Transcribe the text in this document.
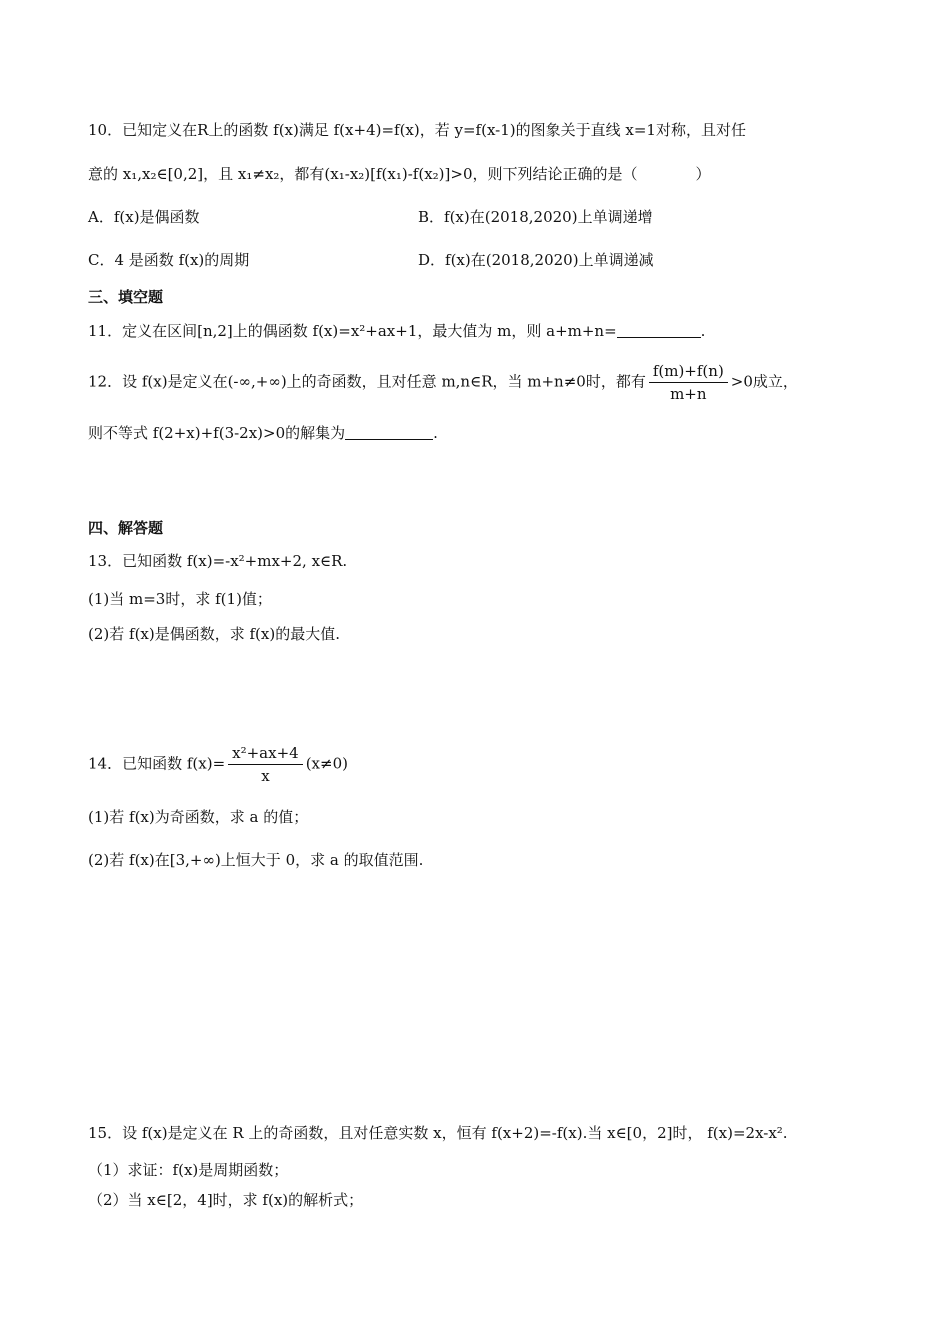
10．已知定义在R上的函数 f(x)满足 f(x+4)=f(x)，若 y=f(x-1)的图象关于直线 x=1对称，且对任
意的 x₁,x₂∈[0,2]，且 x₁≠x₂，都有(x₁-x₂)[f(x₁)-f(x₂)]>0，则下列结论正确的是（	）
A．f(x)是偶函数	B．f(x)在(2018,2020)上单调递增
C．4 是函数 f(x)的周期	D．f(x)在(2018,2020)上单调递减
三、填空题
11．定义在区间[n,2]上的偶函数 f(x)=x²+ax+1，最大值为 m，则 a+m+n=	.
12．设 f(x)是定义在(-∞,+∞)上的奇函数，且对任意 m,n∈R，当 m+n≠0时，都有 $\frac{f(m)+f(n)}{m+n} >0$成立，
则不等式 f(2+x)+f(3-2x)>0的解集为	.
四、解答题
13．已知函数 f(x)=-x²+mx+2, x∈R.
(1)当 m=3时，求 f(1)值；
(2)若 f(x)是偶函数，求 f(x)的最大值.
14．已知函数 $f(x)= \frac{\text{x²+ax+4}}{x} (x\ne 0)$
(1)若 f(x)为奇函数，求 a 的值；
(2)若 f(x)在[3,+∞)上恒大于 0，求 a 的取值范围.
15．设 f(x)是定义在 R 上的奇函数，且对任意实数 x，恒有 f(x+2)=-f(x).当 x∈[0，2]时， f(x)=2x-x².
（1）求证：f(x)是周期函数；
（2）当 x∈[2，4]时，求 f(x)的解析式；
